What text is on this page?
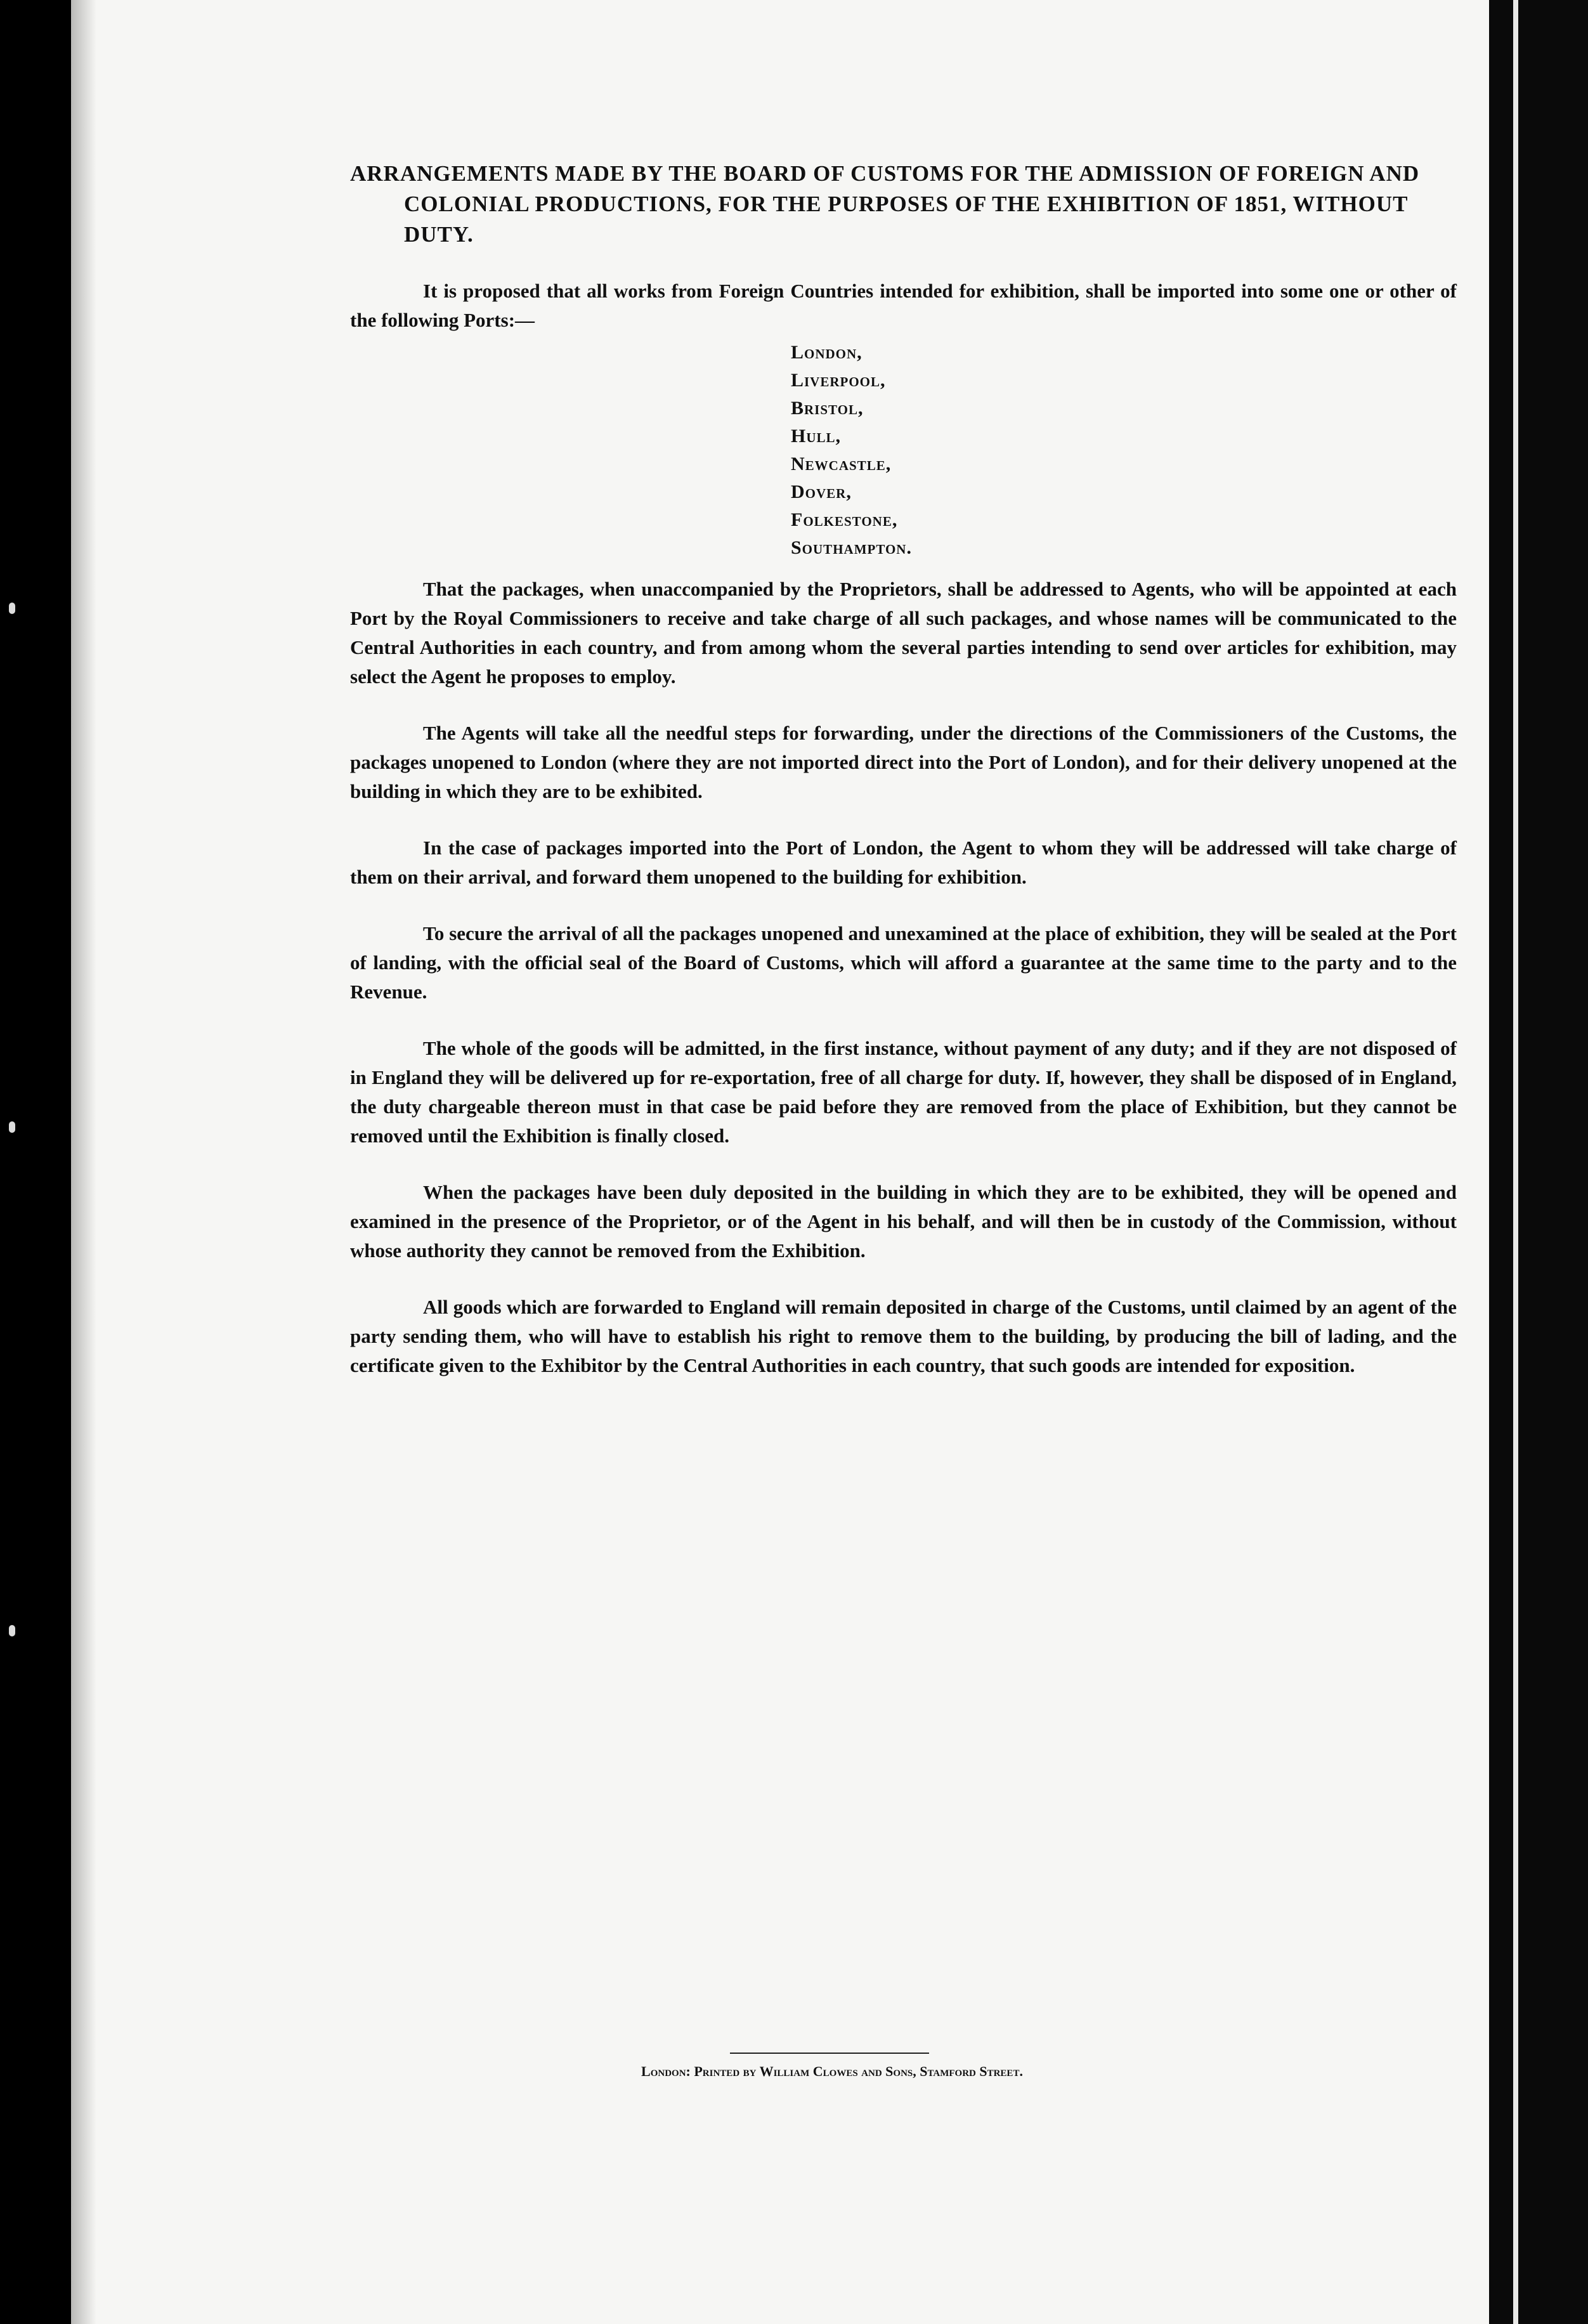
ARRANGEMENTS MADE BY THE BOARD OF CUSTOMS FOR THE ADMISSION OF FOREIGN AND COLONIAL PRODUCTIONS, FOR THE PURPOSES OF THE EXHIBITION OF 1851, WITHOUT DUTY.

It is proposed that all works from Foreign Countries intended for exhibition, shall be imported into some one or other of the following Ports:—

London,
Liverpool,
Bristol,
Hull,
Newcastle,
Dover,
Folkestone,
Southampton.

That the packages, when unaccompanied by the Proprietors, shall be addressed to Agents, who will be appointed at each Port by the Royal Commissioners to receive and take charge of all such packages, and whose names will be communicated to the Central Authorities in each country, and from among whom the several parties intending to send over articles for exhibition, may select the Agent he proposes to employ.

The Agents will take all the needful steps for forwarding, under the directions of the Commissioners of the Customs, the packages unopened to London (where they are not imported direct into the Port of London), and for their delivery unopened at the building in which they are to be exhibited.

In the case of packages imported into the Port of London, the Agent to whom they will be addressed will take charge of them on their arrival, and forward them unopened to the building for exhibition.

To secure the arrival of all the packages unopened and unexamined at the place of exhibition, they will be sealed at the Port of landing, with the official seal of the Board of Customs, which will afford a guarantee at the same time to the party and to the Revenue.

The whole of the goods will be admitted, in the first instance, without payment of any duty; and if they are not disposed of in England they will be delivered up for re-exportation, free of all charge for duty. If, however, they shall be disposed of in England, the duty chargeable thereon must in that case be paid before they are removed from the place of Exhibition, but they cannot be removed until the Exhibition is finally closed.

When the packages have been duly deposited in the building in which they are to be exhibited, they will be opened and examined in the presence of the Proprietor, or of the Agent in his behalf, and will then be in custody of the Commission, without whose authority they cannot be removed from the Exhibition.

All goods which are forwarded to England will remain deposited in charge of the Customs, until claimed by an agent of the party sending them, who will have to establish his right to remove them to the building, by producing the bill of lading, and the certificate given to the Exhibitor by the Central Authorities in each country, that such goods are intended for exposition.

London: Printed by William Clowes and Sons, Stamford Street.
